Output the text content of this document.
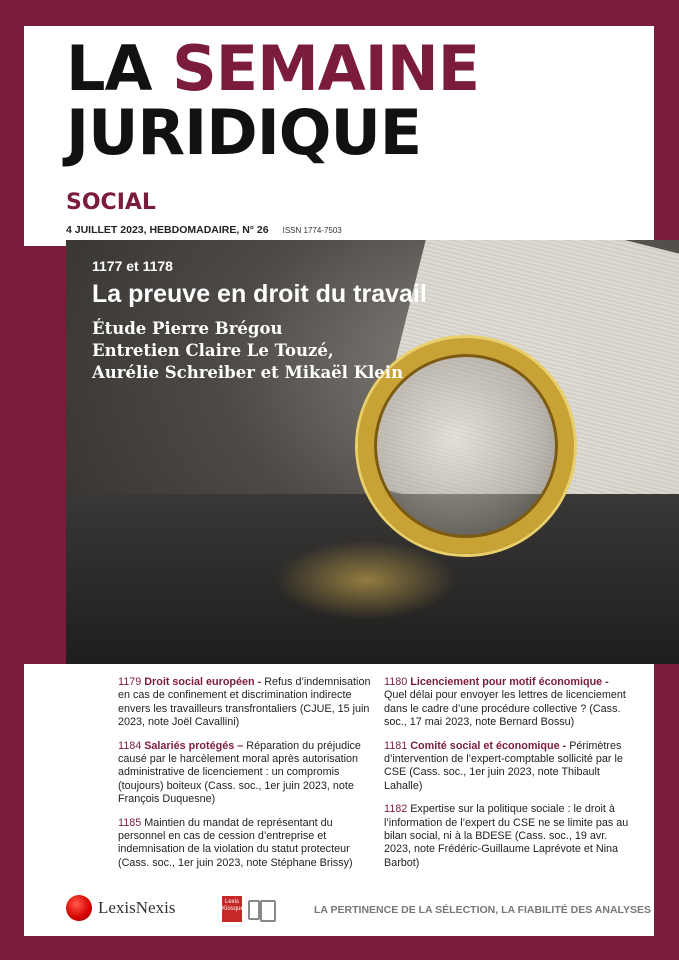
LA SEMAINE
JURIDIQUE
SOCIAL
4 JUILLET 2023, HEBDOMADAIRE, N° 26 ISSN 1774-7503
1177 et 1178
La preuve en droit du travail
Étude Pierre Brégou
Entretien Claire Le Touzé,
Aurélie Schreiber et Mikaël Klein
1179 Droit social européen - Refus d’indemnisation en cas de confinement et discrimination indirecte envers les travailleurs transfrontaliers (CJUE, 15 juin 2023, note Joël Cavallini)
1184 Salariés protégés – Réparation du préjudice causé par le harcèlement moral après autorisation administrative de licenciement : un compromis (toujours) boiteux (Cass. soc., 1er juin 2023, note François Duquesne)
1185 Maintien du mandat de représentant du personnel en cas de cession d’entreprise et indemnisation de la violation du statut protecteur (Cass. soc., 1er juin 2023, note Stéphane Brissy)
1180 Licenciement pour motif économique - Quel délai pour envoyer les lettres de licenciement dans le cadre d’une procédure collective ? (Cass. soc., 17 mai 2023, note Bernard Bossu)
1181 Comité social et économique - Périmètres d’intervention de l’expert-comptable sollicité par le CSE (Cass. soc., 1er juin 2023, note Thibault Lahalle)
1182 Expertise sur la politique sociale : le droit à l’information de l’expert du CSE ne se limite pas au bilan social, ni à la BDESE (Cass. soc., 19 avr. 2023, note Frédéric-Guillaume Laprévote et Nina Barbot)
LexisNexis	Lexis Kiosque	LA PERTINENCE DE LA SÉLECTION, LA FIABILITÉ DES ANALYSES
